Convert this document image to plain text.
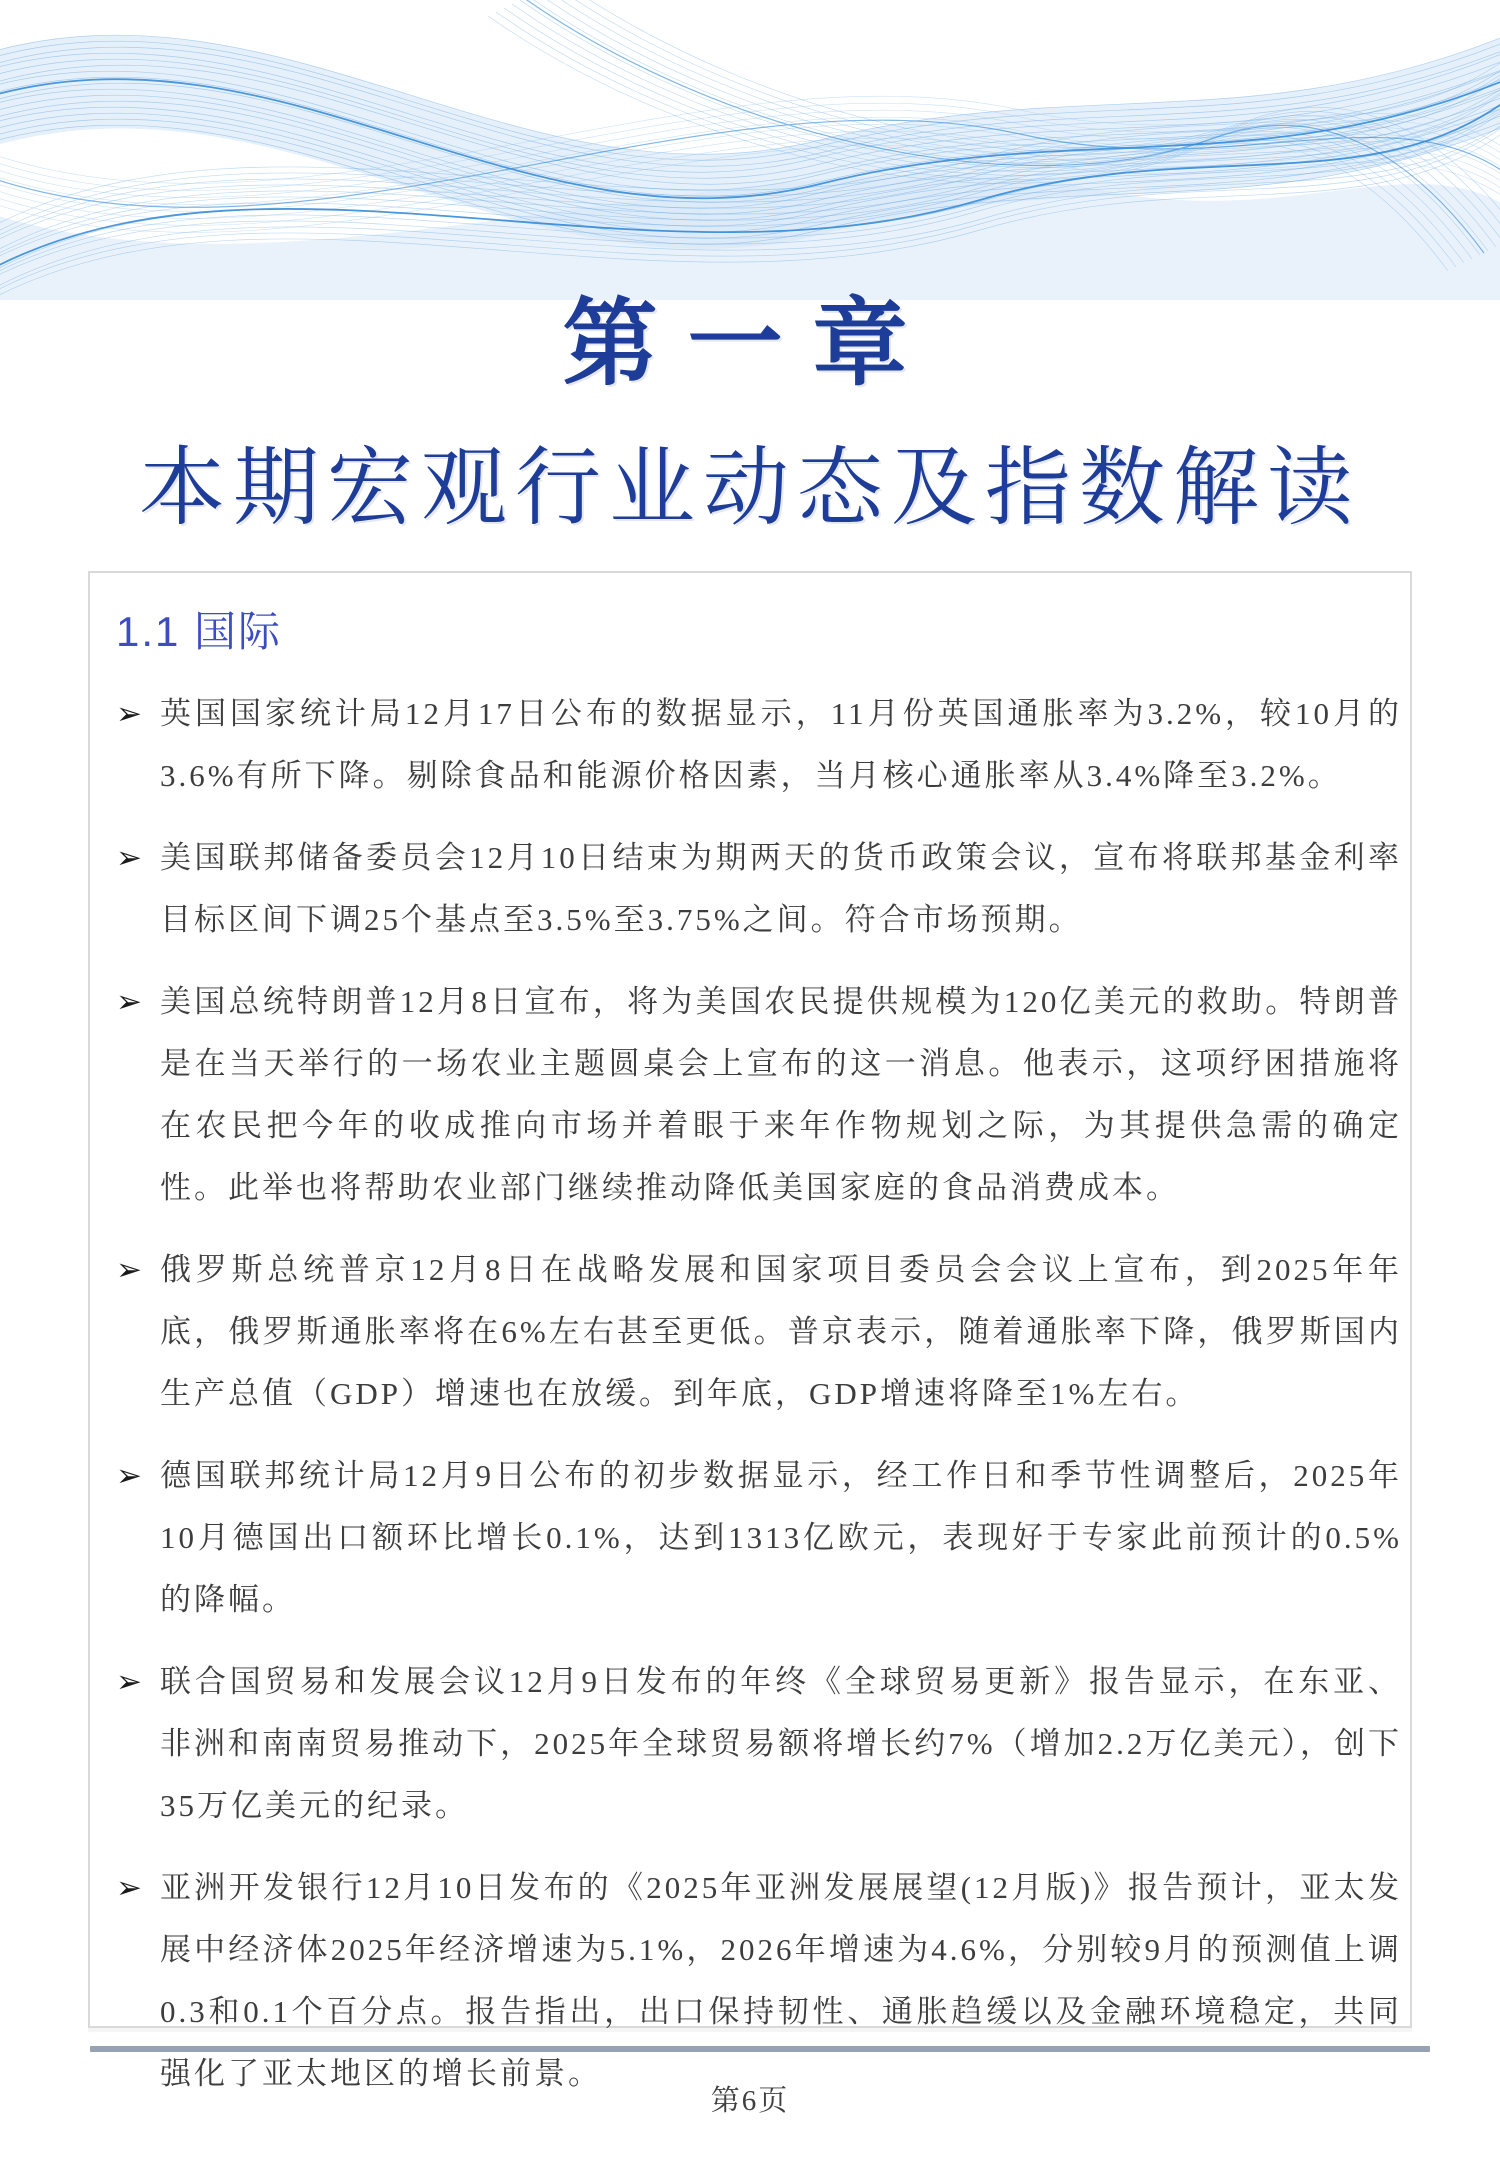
第一章
本期宏观行业动态及指数解读
1.1 国际
➢ 英国国家统计局12月17日公布的数据显示，11月份英国通胀率为3.2%，较10月的3.6%有所下降。剔除食品和能源价格因素，当月核心通胀率从3.4%降至3.2%。
➢ 美国联邦储备委员会12月10日结束为期两天的货币政策会议，宣布将联邦基金利率目标区间下调25个基点至3.5%至3.75%之间。符合市场预期。
➢ 美国总统特朗普12月8日宣布，将为美国农民提供规模为120亿美元的救助。特朗普是在当天举行的一场农业主题圆桌会上宣布的这一消息。他表示，这项纾困措施将在农民把今年的收成推向市场并着眼于来年作物规划之际，为其提供急需的确定性。此举也将帮助农业部门继续推动降低美国家庭的食品消费成本。
➢ 俄罗斯总统普京12月8日在战略发展和国家项目委员会会议上宣布，到2025年年底，俄罗斯通胀率将在6%左右甚至更低。普京表示，随着通胀率下降，俄罗斯国内生产总值（GDP）增速也在放缓。到年底，GDP增速将降至1%左右。
➢ 德国联邦统计局12月9日公布的初步数据显示，经工作日和季节性调整后，2025年10月德国出口额环比增长0.1%，达到1313亿欧元，表现好于专家此前预计的0.5%的降幅。
➢ 联合国贸易和发展会议12月9日发布的年终《全球贸易更新》报告显示，在东亚、非洲和南南贸易推动下，2025年全球贸易额将增长约7%（增加2.2万亿美元），创下35万亿美元的纪录。
➢ 亚洲开发银行12月10日发布的《2025年亚洲发展展望(12月版)》报告预计，亚太发展中经济体2025年经济增速为5.1%，2026年增速为4.6%，分别较9月的预测值上调0.3和0.1个百分点。报告指出，出口保持韧性、通胀趋缓以及金融环境稳定，共同强化了亚太地区的增长前景。
第6页
